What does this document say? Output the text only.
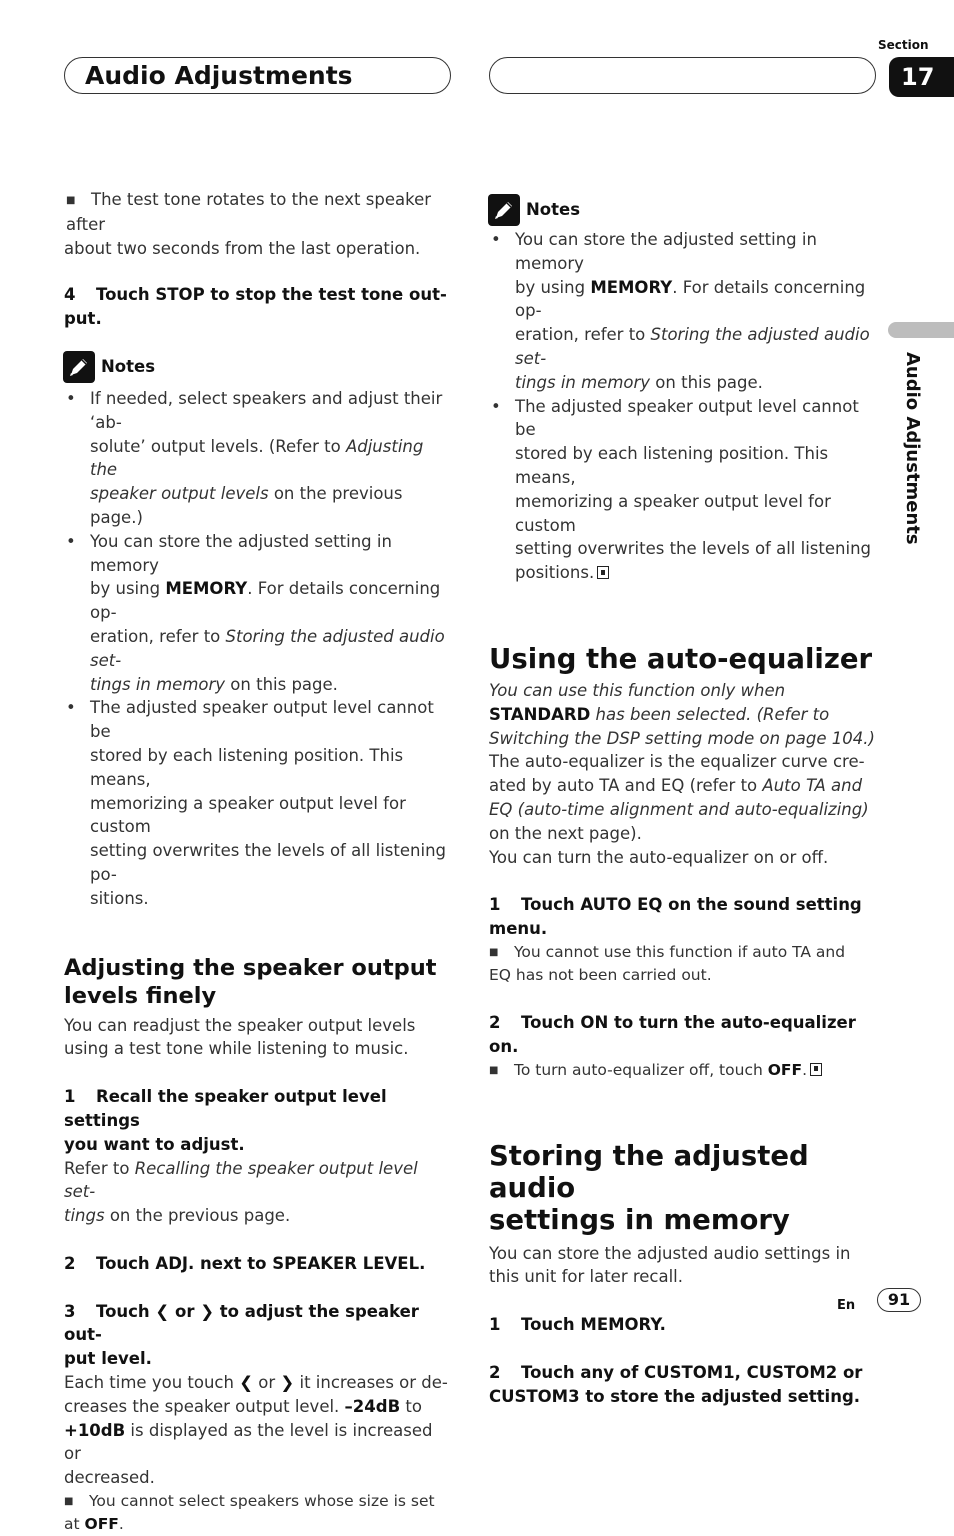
Audio Adjustments
Section
17
Audio Adjustments

■ The test tone rotates to the next speaker after
about two seconds from the last operation.

4 Touch STOP to stop the test tone out-
put.

Notes
• If needed, select speakers and adjust their ‘ab-
solute’ output levels. (Refer to Adjusting the
speaker output levels on the previous page.)
• You can store the adjusted setting in memory
by using MEMORY. For details concerning op-
eration, refer to Storing the adjusted audio set-
tings in memory on this page.
• The adjusted speaker output level cannot be
stored by each listening position. This means,
memorizing a speaker output level for custom
setting overwrites the levels of all listening po-
sitions.
Adjusting the speaker output
levels finely

You can readjust the speaker output levels
using a test tone while listening to music.

1 Recall the speaker output level settings
you want to adjust.

Refer to Recalling the speaker output level set-
tings on the previous page.

2 Touch ADJ. next to SPEAKER LEVEL.

3 Touch ❮ or ❯ to adjust the speaker out-
put level.

Each time you touch ❮ or ❯ it increases or de-
creases the speaker output level. –24dB to
+10dB is displayed as the level is increased or
decreased.

■ You cannot select speakers whose size is set
at OFF.

Notes
• You can store the adjusted setting in memory
by using MEMORY. For details concerning op-
eration, refer to Storing the adjusted audio set-
tings in memory on this page.
• The adjusted speaker output level cannot be
stored by each listening position. This means,
memorizing a speaker output level for custom
setting overwrites the levels of all listening
positions.
Using the auto-equalizer

You can use this function only when
STANDARD has been selected. (Refer to
Switching the DSP setting mode on page 104.)

The auto-equalizer is the equalizer curve cre-
ated by auto TA and EQ (refer to Auto TA and
EQ (auto-time alignment and auto-equalizing)
on the next page).
You can turn the auto-equalizer on or off.

1 Touch AUTO EQ on the sound setting
menu.

■ You cannot use this function if auto TA and
EQ has not been carried out.

2 Touch ON to turn the auto-equalizer
on.

■ To turn auto-equalizer off, touch OFF.

Storing the adjusted audio
settings in memory

You can store the adjusted audio settings in
this unit for later recall.

1 Touch MEMORY.

2 Touch any of CUSTOM1, CUSTOM2 or
CUSTOM3 to store the adjusted setting.

En	91
